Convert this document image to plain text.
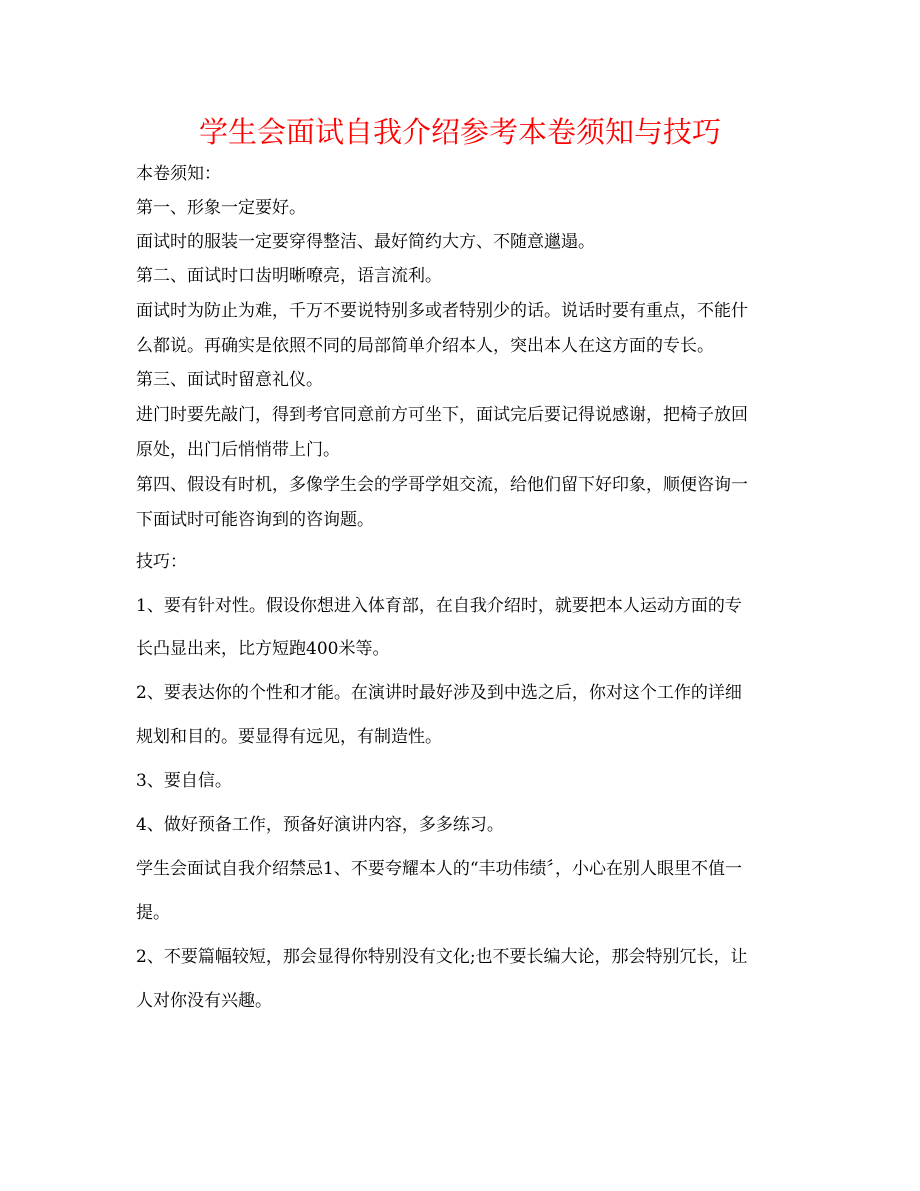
学生会面试自我介绍参考本卷须知与技巧
本卷须知：
第一、形象一定要好。
面试时的服装一定要穿得整洁、最好简约大方、不随意邋遢。
第二、面试时口齿明晰嘹亮，语言流利。
面试时为防止为难，千万不要说特别多或者特别少的话。说话时要有重点，不能什
么都说。再确实是依照不同的局部简单介绍本人，突出本人在这方面的专长。
第三、面试时留意礼仪。
进门时要先敲门，得到考官同意前方可坐下，面试完后要记得说感谢，把椅子放回
原处，出门后悄悄带上门。
第四、假设有时机，多像学生会的学哥学姐交流，给他们留下好印象，顺便咨询一
下面试时可能咨询到的咨询题。
技巧：
1、要有针对性。假设你想进入体育部，在自我介绍时，就要把本人运动方面的专
长凸显出来，比方短跑400米等。
2、要表达你的个性和才能。在演讲时最好涉及到中选之后，你对这个工作的详细
规划和目的。要显得有远见，有制造性。
3、要自信。
4、做好预备工作，预备好演讲内容，多多练习。
学生会面试自我介绍禁忌1、不要夸耀本人的“丰功伟绩〞，小心在别人眼里不值一
提。
2、不要篇幅较短，那会显得你特别没有文化;也不要长编大论，那会特别冗长，让
人对你没有兴趣。
